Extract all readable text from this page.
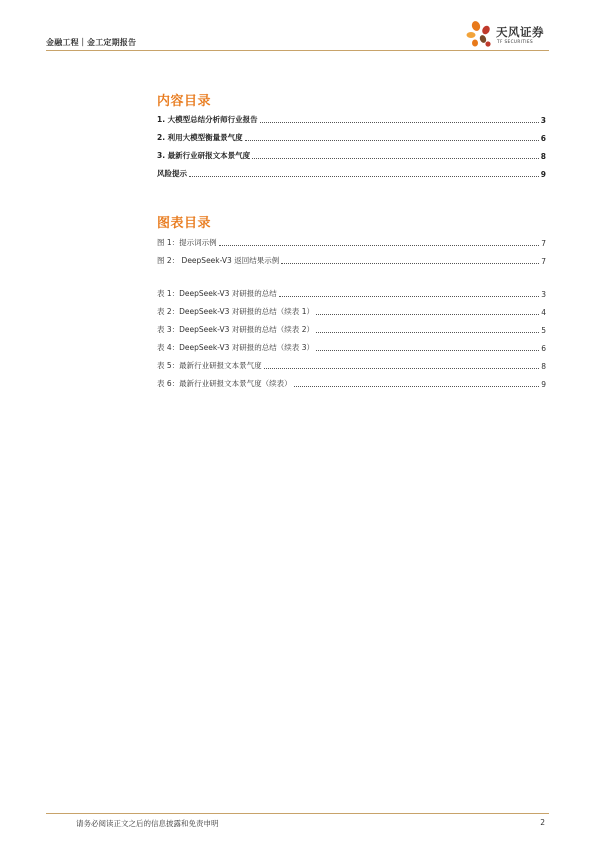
金融工程｜金工定期报告
天风证券
TF SECURITIES
内容目录
1. 大模型总结分析师行业报告	3
2. 利用大模型衡量景气度	6
3. 最新行业研报文本景气度	8
风险提示	9
图表目录
图 1：提示词示例	7
图 2： DeepSeek-V3 返回结果示例	7
表 1：DeepSeek-V3 对研报的总结	3
表 2：DeepSeek-V3 对研报的总结（续表 1）	4
表 3：DeepSeek-V3 对研报的总结（续表 2）	5
表 4：DeepSeek-V3 对研报的总结（续表 3）	6
表 5：最新行业研报文本景气度	8
表 6：最新行业研报文本景气度（续表）	9
请务必阅读正文之后的信息披露和免责申明	2
